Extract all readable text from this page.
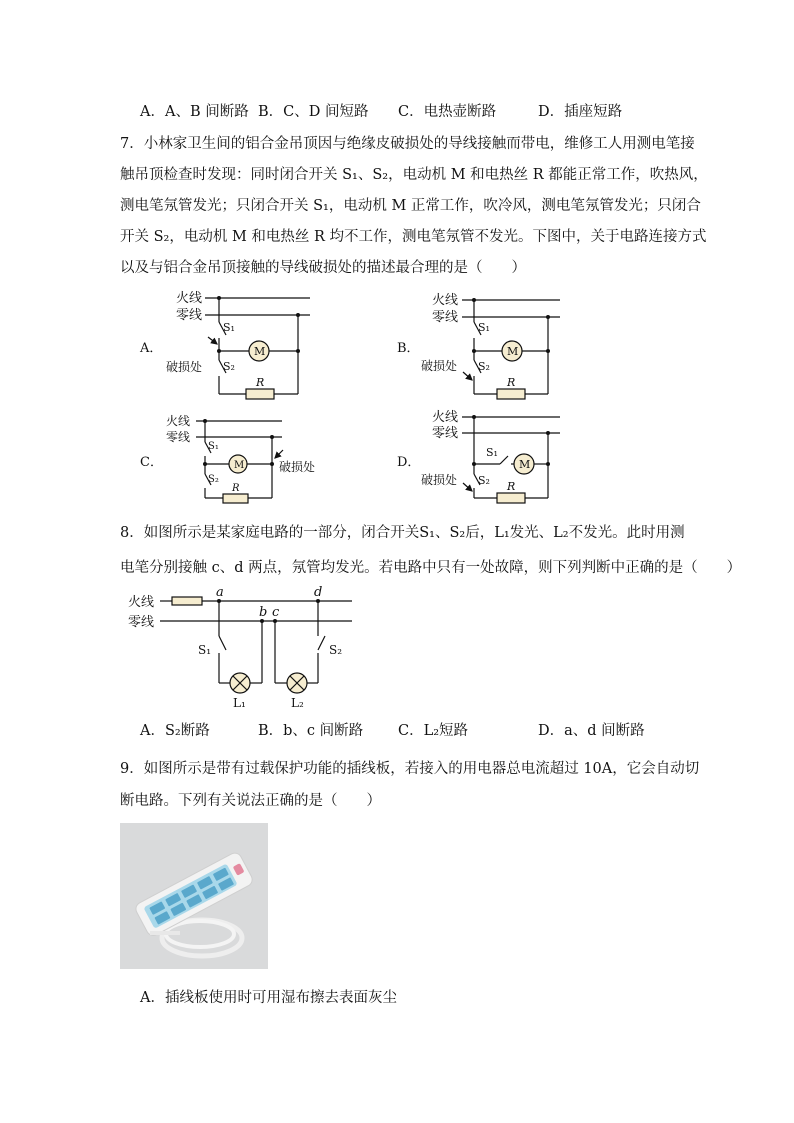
A．A、B 间断路 B．C、D 间短路 C．电热壶断路	D．插座短路
7．小林家卫生间的铝合金吊顶因与绝缘皮破损处的导线接触而带电，维修工人用测电笔接
触吊顶检查时发现：同时闭合开关 S₁、S₂，电动机 M 和电热丝 R 都能正常工作，吹热风，
测电笔氖管发光；只闭合开关 S₁，电动机 M 正常工作，吹冷风，测电笔氖管发光；只闭合
开关 S₂，电动机 M 和电热丝 R 均不工作，测电笔氖管不发光。下图中，关于电路连接方式
以及与铝合金吊顶接触的导线破损处的描述最合理的是（　　）
火线
零线
S₁
S₂
M
R
破损处
A．
火线
零线
S₁
S₂
M
R
破损处
B．
火线
零线
S₁
S₂
M
R
破损处
C．
火线
零线
S₁
M
S₂ R
破损处
D．
8．如图所示是某家庭电路的一部分，闭合开关S₁、S₂后，L₁发光、L₂不发光。此时用测
电笔分别接触 c、d 两点，氖管均发光。若电路中只有一处故障，则下列判断中正确的是（　　）
火线
零线
a
b c
d
S₁	S₂
L₁	L₂
A．S₂断路	B．b、c 间断路 C．L₂短路	D．a、d 间断路
9．如图所示是带有过载保护功能的插线板，若接入的用电器总电流超过 10A，它会自动切
断电路。下列有关说法正确的是（　　）
A．插线板使用时可用湿布擦去表面灰尘
